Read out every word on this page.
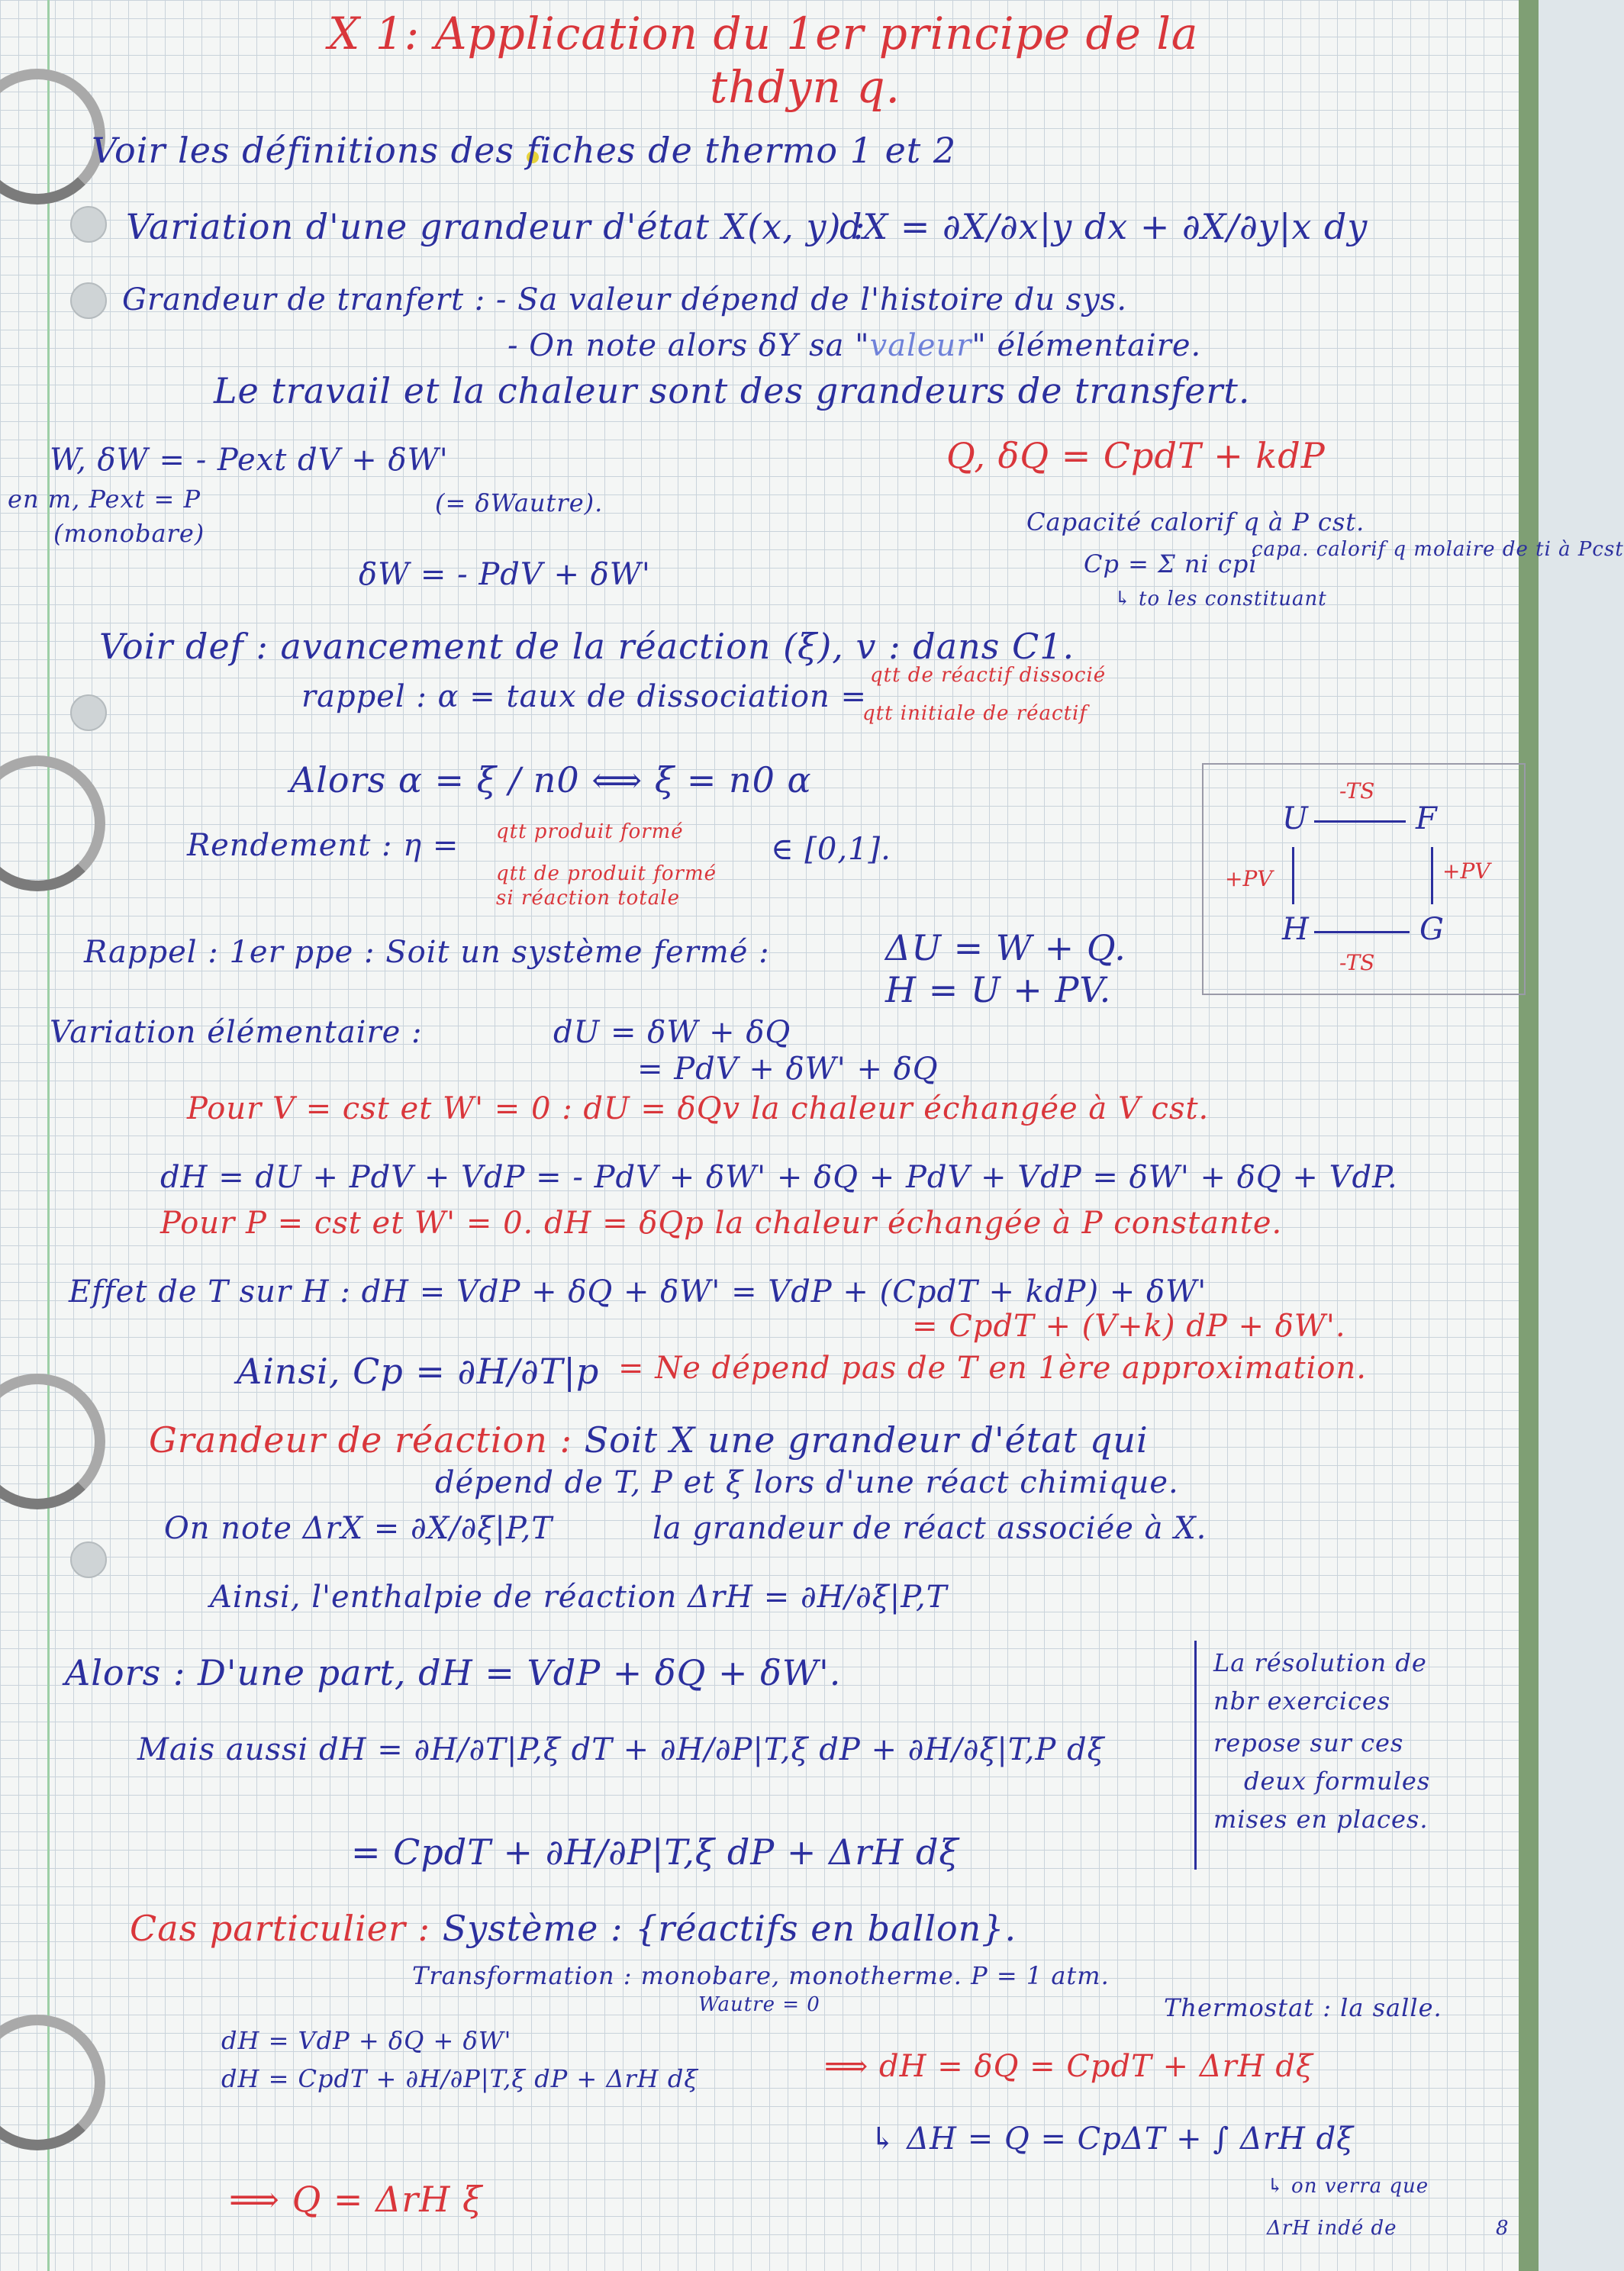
X 1: Application du 1er principe de la
thdyn q.
Voir les définitions des fiches de thermo 1 et 2
Variation d'une grandeur d'état X(x, y) :
dX = ∂X/∂x|y dx + ∂X/∂y|x dy
Grandeur de tranfert : - Sa valeur dépend de l'histoire du sys.
- On note alors δY sa "valeur" élémentaire.
Le travail et la chaleur sont des grandeurs de transfert.
W, δW = - Pext dV + δW'
(= δWautre).
en m, Pext = P
(monobare)
δW = - PdV + δW'
Q, δQ = CpdT + kdP
Capacité calorif q à P cst.
Cp = Σ ni cpi
capa. calorif q molaire de ti à Pcst
↳ to les constituant
Voir def : avancement de la réaction (ξ), v : dans C1.
rappel : α = taux de dissociation =
qtt de réactif dissocié
qtt initiale de réactif
Alors α = ξ / n0 ⟺ ξ = n0 α
Rendement : η = qtt produit formé
qtt de produit formé
si réaction totale
∈ [0,1].
U	F
H	G
-TS
-TS
+PV	+PV
Rappel : 1er ppe : Soit un système fermé :	ΔU = W + Q.
H = U + PV.
Variation élémentaire :	dU = δW + δQ
= PdV + δW' + δQ
Pour V = cst et W' = 0 : dU = δQv la chaleur échangée à V cst.
dH = dU + PdV + VdP = - PdV + δW' + δQ + PdV + VdP = δW' + δQ + VdP.
Pour P = cst et W' = 0. dH = δQp la chaleur échangée à P constante.
Effet de T sur H : dH = VdP + δQ + δW' = VdP + (CpdT + kdP) + δW'
= CpdT + (V+k) dP + δW'.
Ainsi, Cp = ∂H/∂T|p = Ne dépend pas de T en 1ère approximation.
Grandeur de réaction : Soit X une grandeur d'état qui
dépend de T, P et ξ lors d'une réact chimique.
On note ΔrX = ∂X/∂ξ|P,T	la grandeur de réact associée à X.
Ainsi, l'enthalpie de réaction ΔrH = ∂H/∂ξ|P,T
Alors : D'une part, dH = VdP + δQ + δW'.
Mais aussi dH = ∂H/∂T|P,ξ dT + ∂H/∂P|T,ξ dP + ∂H/∂ξ|T,P dξ
= CpdT + ∂H/∂P|T,ξ dP + ΔrH dξ
La résolution de
nbr exercices
repose sur ces
deux formules
mises en places.
Cas particulier : Système : {réactifs en ballon}.
Transformation : monobare, monotherme. P = 1 atm.
Wautre = 0	Thermostat : la salle.
dH = VdP + δQ + δW'
dH = CpdT + ∂H/∂P|T,ξ dP + ΔrH dξ	⟹ dH = δQ = CpdT + ΔrH dξ
↳ ΔH = Q = CpΔT + ∫ ΔrH dξ
↳ on verra que
⟹ Q = ΔrH ξ
ΔrH indé de	8
